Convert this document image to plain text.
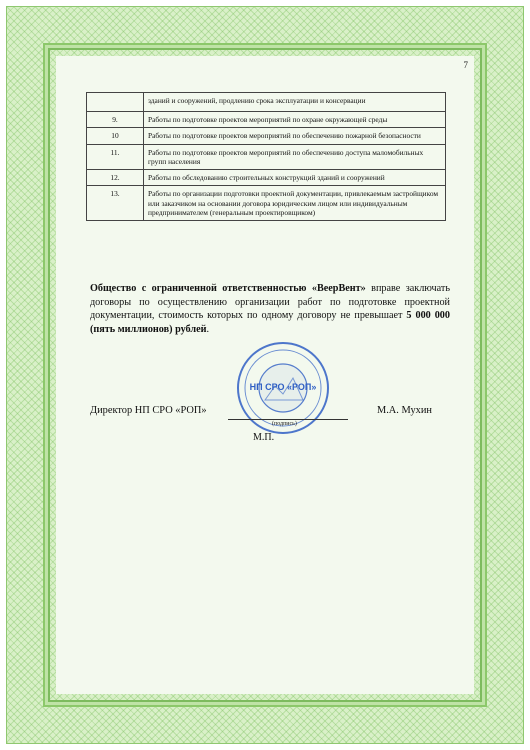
7
	зданий и сооружений, продлению срока эксплуатации и консервации
9.	Работы по подготовке проектов мероприятий по охране окружающей среды
10	Работы по подготовке проектов мероприятий по обеспечению пожарной безопасности
11.	Работы по подготовке проектов мероприятий по обеспечению доступа маломобильных групп населения
12.	Работы по обследованию строительных конструкций зданий и сооружений
13.	Работы по организации подготовки проектной документации, привлекаемым застройщиком или заказчиком на основании договора юридическим лицом или индивидуальным предпринимателем (генеральным проектировщиком)
Общество с ограниченной ответственностью «ВеерВент» вправе заключать договоры по осуществлению организации работ по подготовке проектной документации, стоимость которых по одному договору не превышает 5 000 000 (пять миллионов) рублей.
НП СРО «РОП»
Директор НП СРО «РОП»
(подпись)
М.А. Мухин
М.П.
